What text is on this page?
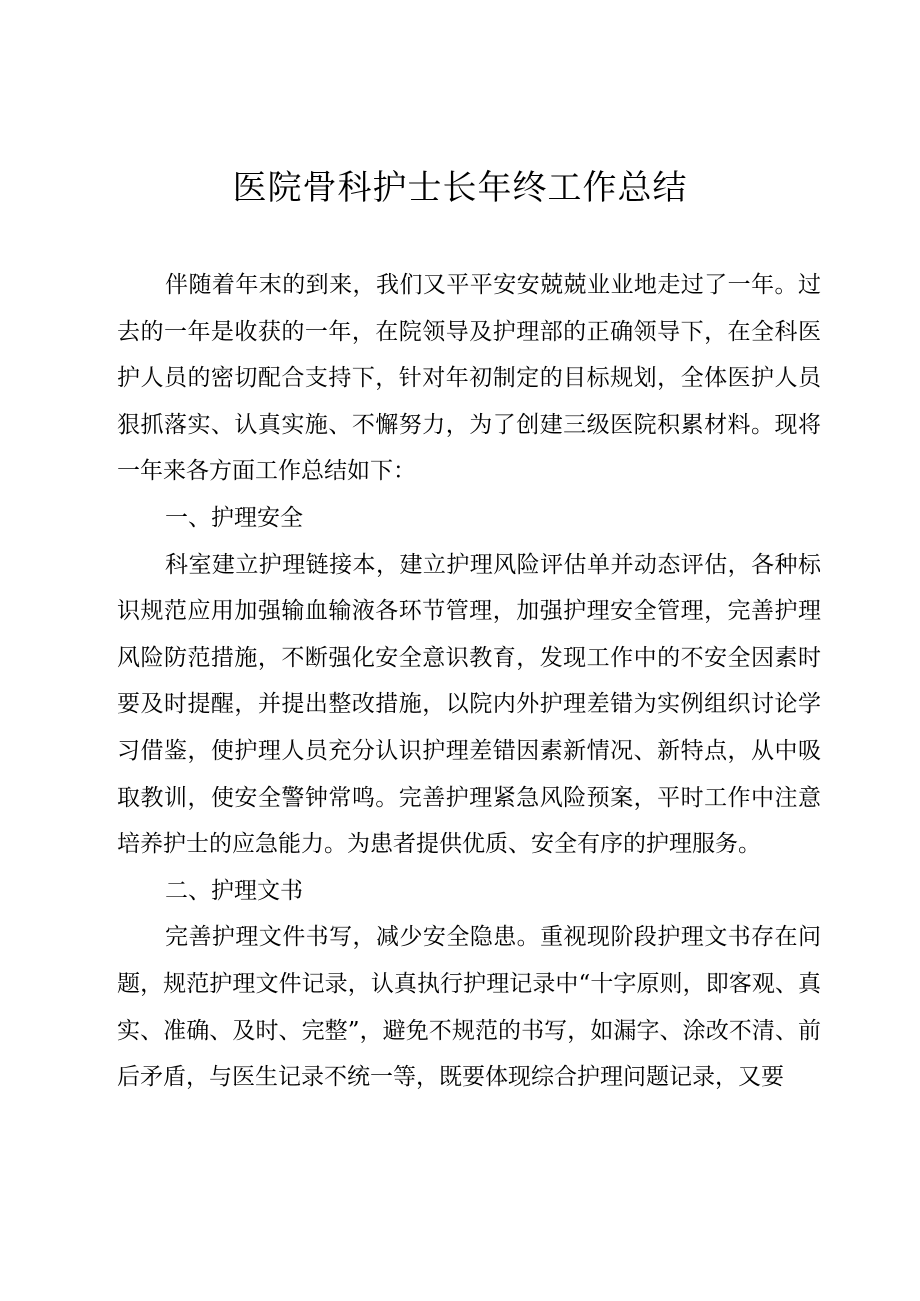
医院骨科护士长年终工作总结

伴随着年末的到来，我们又平平安安兢兢业业地走过了一年。过去的一年是收获的一年，在院领导及护理部的正确领导下，在全科医护人员的密切配合支持下，针对年初制定的目标规划，全体医护人员狠抓落实、认真实施、不懈努力，为了创建三级医院积累材料。现将一年来各方面工作总结如下：

一、护理安全

科室建立护理链接本，建立护理风险评估单并动态评估，各种标识规范应用加强输血输液各环节管理，加强护理安全管理，完善护理风险防范措施，不断强化安全意识教育，发现工作中的不安全因素时要及时提醒，并提出整改措施，以院内外护理差错为实例组织讨论学习借鉴，使护理人员充分认识护理差错因素新情况、新特点，从中吸取教训，使安全警钟常鸣。完善护理紧急风险预案，平时工作中注意培养护士的应急能力。为患者提供优质、安全有序的护理服务。

二、护理文书

完善护理文件书写，减少安全隐患。重视现阶段护理文书存在问题，规范护理文件记录，认真执行护理记录中“十字原则，即客观、真实、准确、及时、完整”，避免不规范的书写，如漏字、涂改不清、前后矛盾，与医生记录不统一等，既要体现综合护理问题记录，又要
